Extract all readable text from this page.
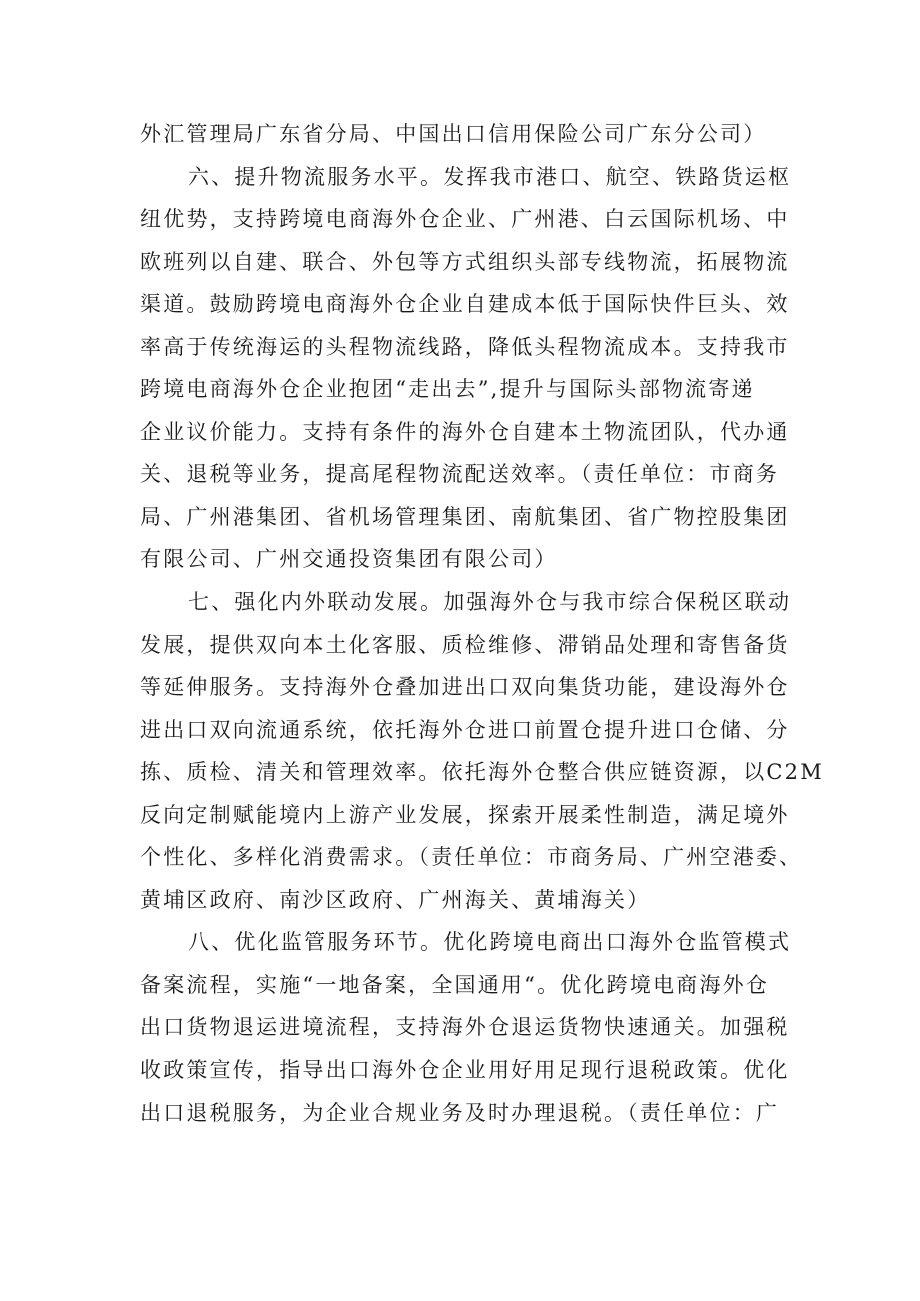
外汇管理局广东省分局、中国出口信用保险公司广东分公司）
六、提升物流服务水平。发挥我市港口、航空、铁路货运枢
纽优势，支持跨境电商海外仓企业、广州港、白云国际机场、中
欧班列以自建、联合、外包等方式组织头部专线物流，拓展物流
渠道。鼓励跨境电商海外仓企业自建成本低于国际快件巨头、效
率高于传统海运的头程物流线路，降低头程物流成本。支持我市
跨境电商海外仓企业抱团“走出去”,提升与国际头部物流寄递
企业议价能力。支持有条件的海外仓自建本土物流团队，代办通
关、退税等业务，提高尾程物流配送效率。（责任单位：市商务
局、广州港集团、省机场管理集团、南航集团、省广物控股集团
有限公司、广州交通投资集团有限公司）
七、强化内外联动发展。加强海外仓与我市综合保税区联动
发展，提供双向本土化客服、质检维修、滞销品处理和寄售备货
等延伸服务。支持海外仓叠加进出口双向集货功能，建设海外仓
进出口双向流通系统，依托海外仓进口前置仓提升进口仓储、分
拣、质检、清关和管理效率。依托海外仓整合供应链资源，以C2M
反向定制赋能境内上游产业发展，探索开展柔性制造，满足境外
个性化、多样化消费需求。（责任单位：市商务局、广州空港委、
黄埔区政府、南沙区政府、广州海关、黄埔海关）
八、优化监管服务环节。优化跨境电商出口海外仓监管模式
备案流程，实施“一地备案，全国通用“。优化跨境电商海外仓
出口货物退运进境流程，支持海外仓退运货物快速通关。加强税
收政策宣传，指导出口海外仓企业用好用足现行退税政策。优化
出口退税服务，为企业合规业务及时办理退税。（责任单位：广
